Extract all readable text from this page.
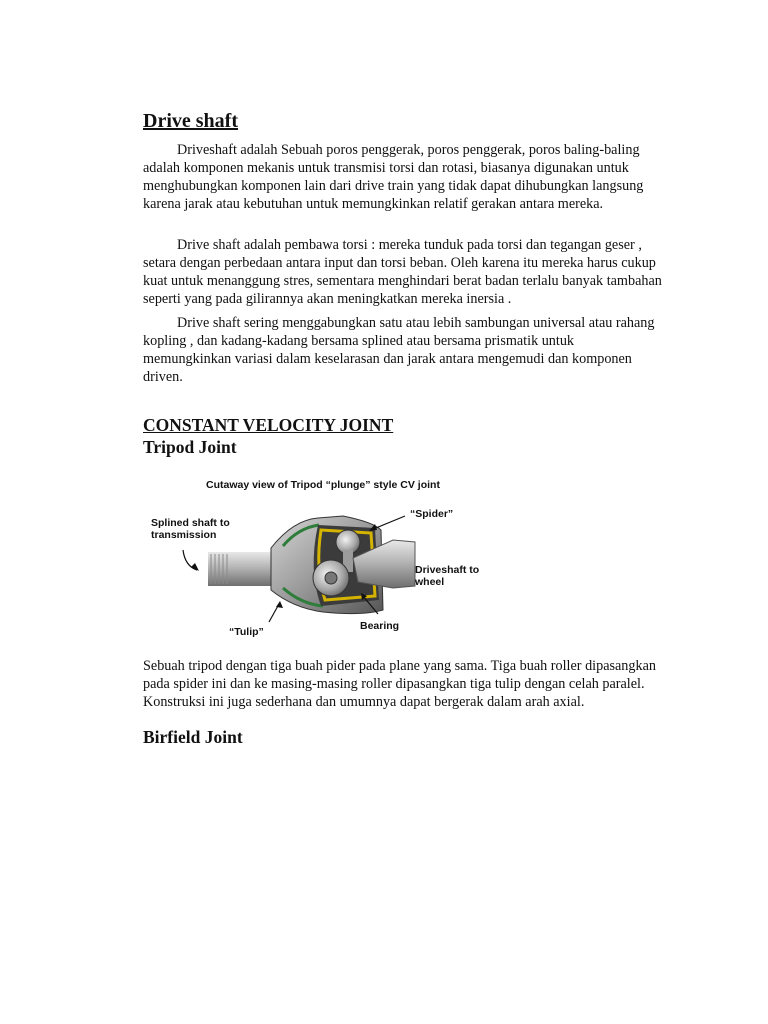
Drive shaft

Driveshaft adalah Sebuah poros penggerak, poros penggerak, poros baling-baling adalah komponen mekanis untuk transmisi torsi dan rotasi, biasanya digunakan untuk menghubungkan komponen lain dari drive train yang tidak dapat dihubungkan langsung karena jarak atau kebutuhan untuk memungkinkan relatif gerakan antara mereka.

Drive shaft adalah pembawa torsi : mereka tunduk pada torsi dan tegangan geser , setara dengan perbedaan antara input dan torsi beban. Oleh karena itu mereka harus cukup kuat untuk menanggung stres, sementara menghindari berat badan terlalu banyak tambahan seperti yang pada gilirannya akan meningkatkan mereka inersia .

Drive shaft sering menggabungkan satu atau lebih sambungan universal atau rahang kopling , dan kadang-kadang bersama splined atau bersama prismatik untuk memungkinkan variasi dalam keselarasan dan jarak antara mengemudi dan komponen driven.

CONSTANT VELOCITY JOINT
Tripod Joint
Cutaway view of Tripod “plunge” style CV joint
Splined shaft to transmission
“Spider”
Driveshaft to wheel
Bearing
“Tulip”

Sebuah tripod dengan tiga buah pider pada plane yang sama. Tiga buah roller dipasangkan pada spider ini dan ke masing-masing roller dipasangkan tiga tulip dengan celah paralel. Konstruksi ini juga sederhana dan umumnya dapat bergerak dalam arah axial.

Birfield Joint
